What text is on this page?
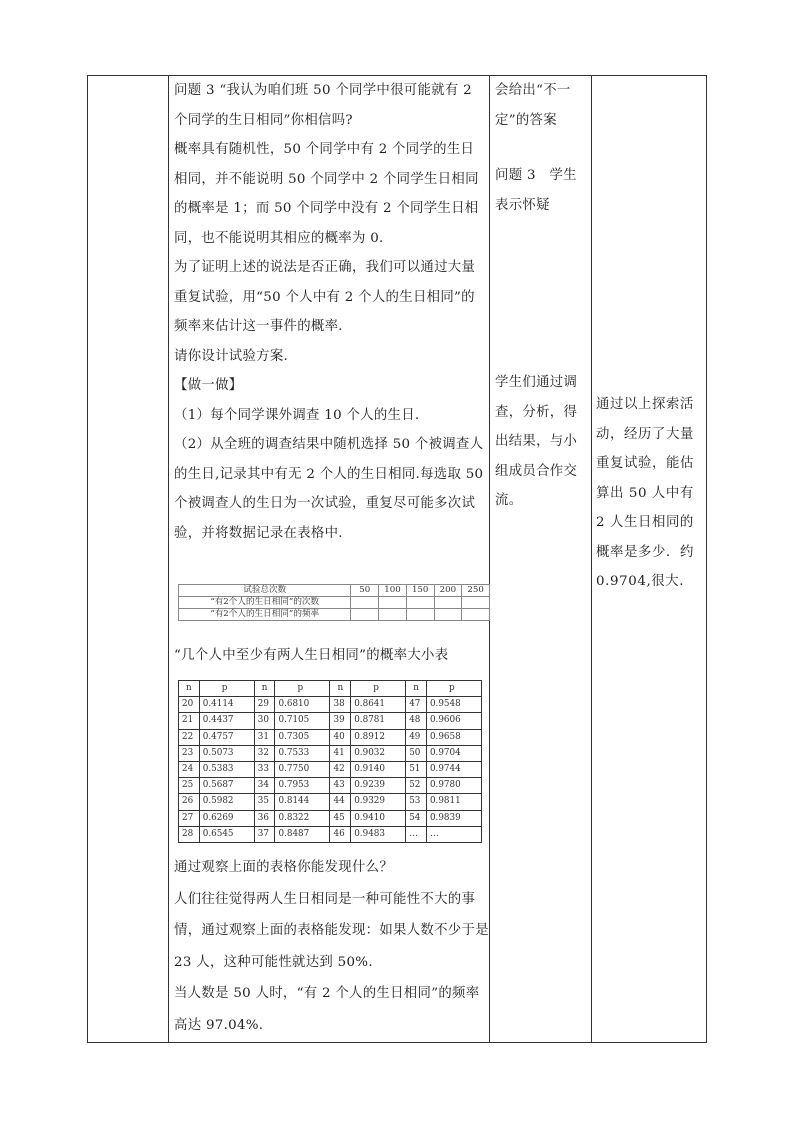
问题 3 “我认为咱们班 50 个同学中很可能就有 2 个同学的生日相同”你相信吗?

概率具有随机性，50 个同学中有 2 个同学的生日相同，并不能说明 50 个同学中 2 个同学生日相同的概率是 1；而 50 个同学中没有 2 个同学生日相同，也不能说明其相应的概率为 0.

为了证明上述的说法是否正确，我们可以通过大量重复试验，用“50 个人中有 2 个人的生日相同”的频率来估计这一事件的概率.

请你设计试验方案.

【做一做】

（1）每个同学课外调查 10 个人的生日.

（2）从全班的调查结果中随机选择 50 个被调查人的生日,记录其中有无 2 个人的生日相同.每选取 50 个被调查人的生日为一次试验，重复尽可能多次试验，并将数据记录在表格中.

试验总次数	50	100	150	200	250
“有2个人的生日相同”的次数					
“有2个人的生日相同”的频率					
“几个人中至少有两人生日相同”的概率大小表
n	p	n	p	n	p	n	p
20	0.4114	29	0.6810	38	0.8641	47	0.9548
21	0.4437	30	0.7105	39	0.8781	48	0.9606
22	0.4757	31	0.7305	40	0.8912	49	0.9658
23	0.5073	32	0.7533	41	0.9032	50	0.9704
24	0.5383	33	0.7750	42	0.9140	51	0.9744
25	0.5687	34	0.7953	43	0.9239	52	0.9780
26	0.5982	35	0.8144	44	0.9329	53	0.9811
27	0.6269	36	0.8322	45	0.9410	54	0.9839
28	0.6545	37	0.8487	46	0.9483	…	…

通过观察上面的表格你能发现什么？

人们往往觉得两人生日相同是一种可能性不大的事情，通过观察上面的表格能发现：如果人数不少于是 23 人，这种可能性就达到 50%.

当人数是 50 人时，“有 2 个人的生日相同”的频率高达 97.04%.

会给出“不一定”的答案

问题 3　学生表示怀疑

学生们通过调查，分析，得出结果，与小组成员合作交流。

通过以上探索活动，经历了大量重复试验，能估算出 50 人中有 2 人生日相同的概率是多少．约 0.9704,很大.
